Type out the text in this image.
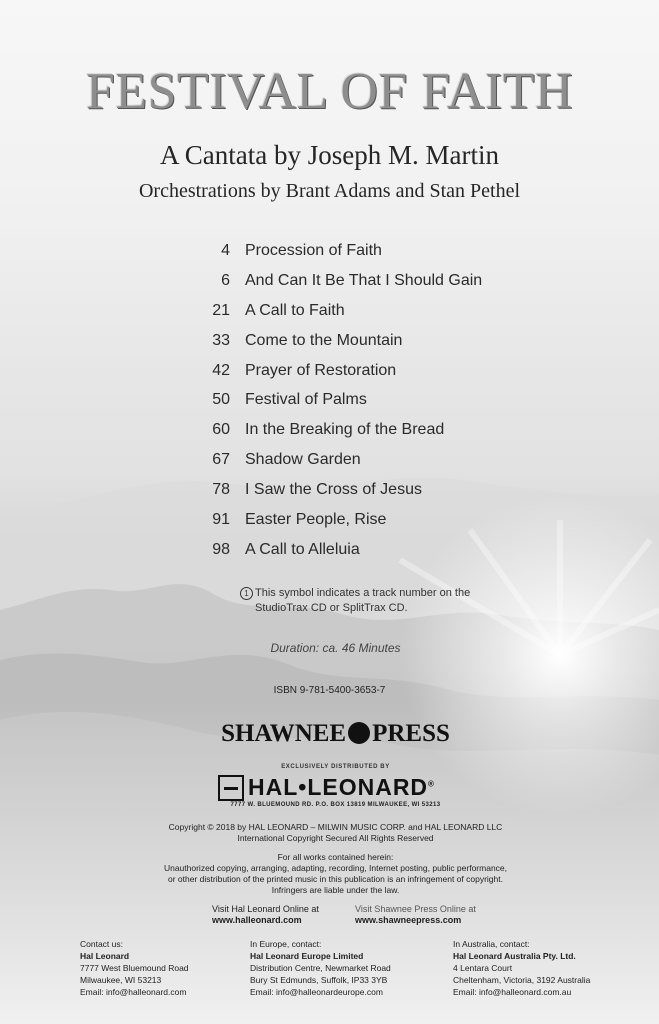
FESTIVAL OF FAITH
A Cantata by Joseph M. Martin
Orchestrations by Brant Adams and Stan Pethel
4 Procession of Faith
6 And Can It Be That I Should Gain
21 A Call to Faith
33 Come to the Mountain
42 Prayer of Restoration
50 Festival of Palms
60 In the Breaking of the Bread
67 Shadow Garden
78 I Saw the Cross of Jesus
91 Easter People, Rise
98 A Call to Alleluia
1 This symbol indicates a track number on the
StudioTrax CD or SplitTrax CD.
Duration: ca. 46 Minutes
ISBN 9-781-5400-3653-7
SHAWNEE PRESS
EXCLUSIVELY DISTRIBUTED BY
HAL•LEONARD®
7777 W. BLUEMOUND RD. P.O. BOX 13819 MILWAUKEE, WI 53213
Copyright © 2018 by HAL LEONARD – MILWIN MUSIC CORP. and HAL LEONARD LLC
International Copyright Secured All Rights Reserved
For all works contained herein:
Unauthorized copying, arranging, adapting, recording, Internet posting, public performance,
or other distribution of the printed music in this publication is an infringement of copyright.
Infringers are liable under the law.
Visit Hal Leonard Online at
www.halleonard.com
Visit Shawnee Press Online at
www.shawneepress.com
Contact us:
Hal Leonard
7777 West Bluemound Road
Milwaukee, WI 53213
Email: info@halleonard.com
In Europe, contact:
Hal Leonard Europe Limited
Distribution Centre, Newmarket Road
Bury St Edmunds, Suffolk, IP33 3YB
Email: info@halleonardeurope.com
In Australia, contact:
Hal Leonard Australia Pty. Ltd.
4 Lentara Court
Cheltenham, Victoria, 3192 Australia
Email: info@halleonard.com.au
